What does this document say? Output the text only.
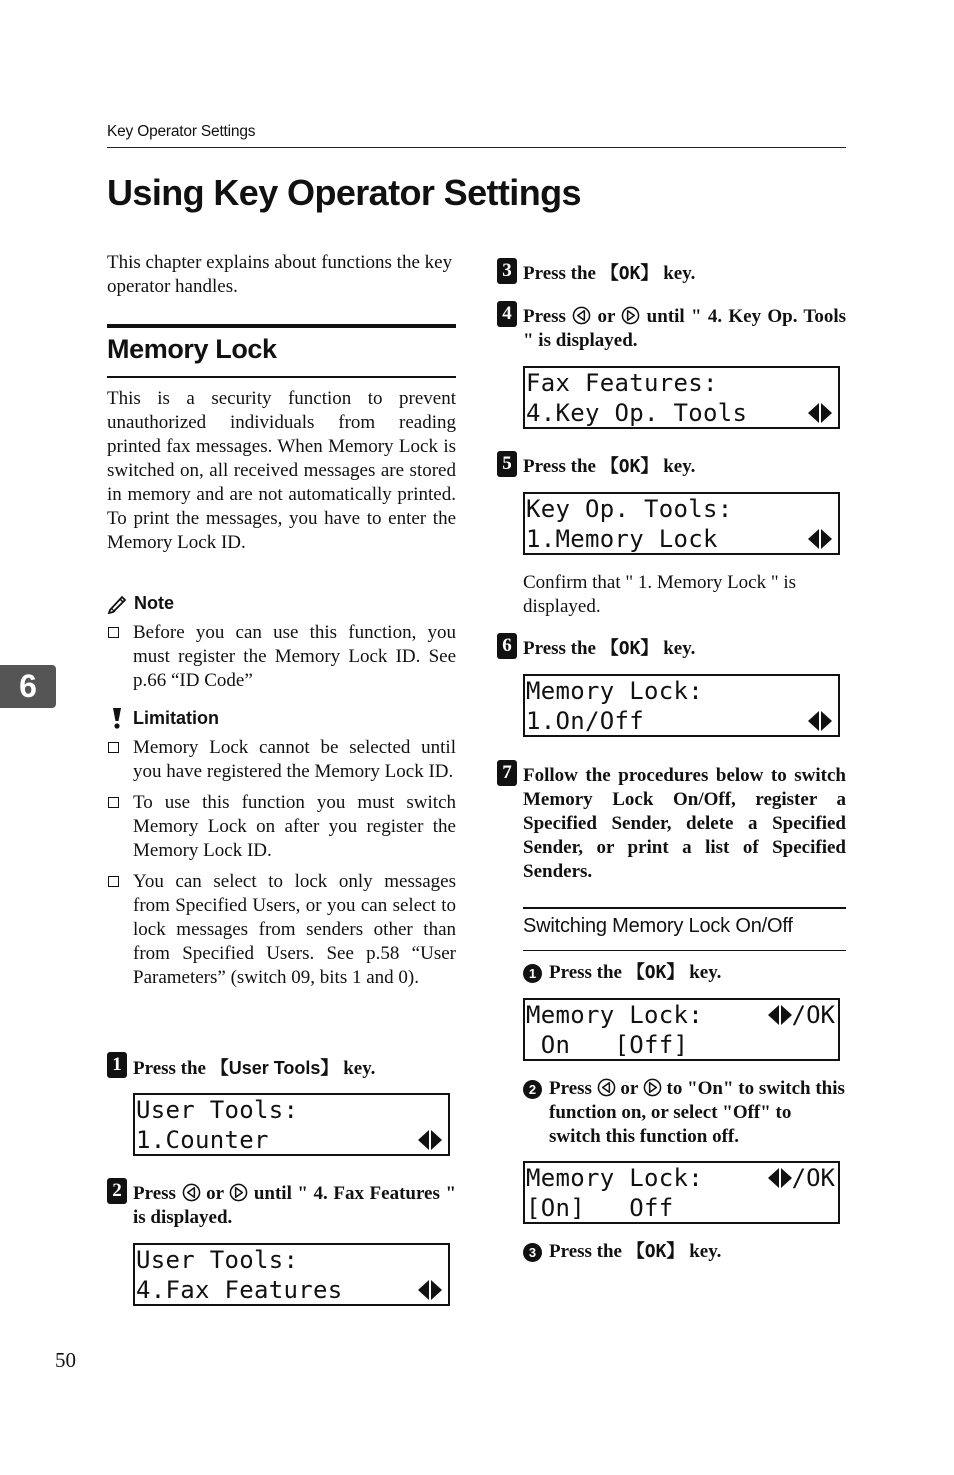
Key Operator Settings
Using Key Operator Settings
This chapter explains about functions the key operator handles.
Memory Lock
This is a security function to prevent unauthorized individuals from reading printed fax messages. When Memory Lock is switched on, all received messages are stored in memory and are not automatically printed. To print the messages, you have to enter the Memory Lock ID.
Note
Before you can use this function, you must register the Memory Lock ID. See p.66 “ID Code”
Limitation
Memory Lock cannot be selected until you have registered the Memory Lock ID.
To use this function you must switch Memory Lock on after you register the Memory Lock ID.
You can select to lock only messages from Specified Users, or you can select to lock messages from senders other than from Specified Users. See p.58 “User Parameters” (switch 09, bits 1 and 0).
1 Press the 【User Tools】 key.
User Tools:
1.Counter
2 Press  or  until " 4. Fax Features " is displayed.
User Tools:
4.Fax Features
3 Press the 【OK】 key.
4 Press  or  until " 4. Key Op. Tools " is displayed.
Fax Features:
4.Key Op. Tools
5 Press the 【OK】 key.
Key Op. Tools:
1.Memory Lock
Confirm that " 1. Memory Lock " is displayed.
6 Press the 【OK】 key.
Memory Lock:
1.On/Off
7 Follow the procedures below to switch Memory Lock On/Off, register a Specified Sender, delete a Specified Sender, or print a list of Specified Senders.
Switching Memory Lock On/Off
1 Press the 【OK】 key.
Memory Lock:
On   [Off]
/OK
2 Press  or  to "On" to switch this function on, or select "Off" to switch this function off.
Memory Lock:
[On]   Off
/OK
3 Press the 【OK】 key.
6
50
